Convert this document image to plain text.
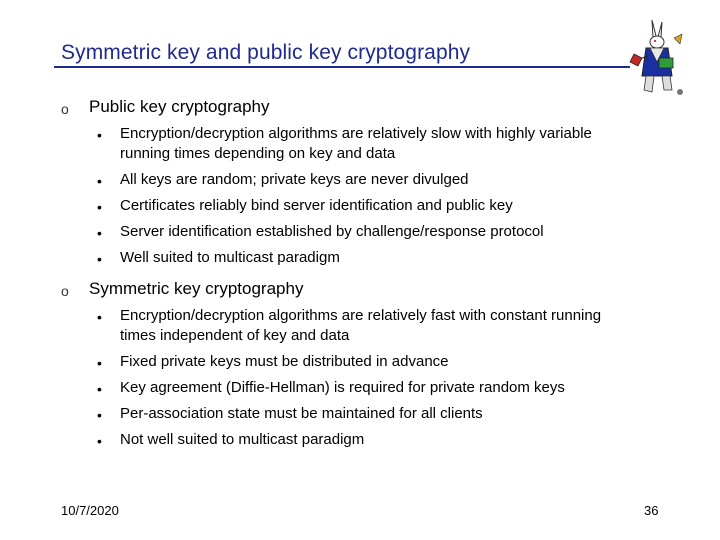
Symmetric key and public key cryptography
o Public key cryptography
• Encryption/decryption algorithms are relatively slow with highly variable running times depending on key and data
• All keys are random; private keys are never divulged
• Certificates reliably bind server identification and public key
• Server identification established by challenge/response protocol
• Well suited to multicast paradigm
o Symmetric key cryptography
• Encryption/decryption algorithms are relatively fast with constant running times independent of key and data
• Fixed private keys must be distributed in advance
• Key agreement (Diffie-Hellman) is required for private random keys
• Per-association state must be maintained for all clients
• Not well suited to multicast paradigm
10/7/2020	36
